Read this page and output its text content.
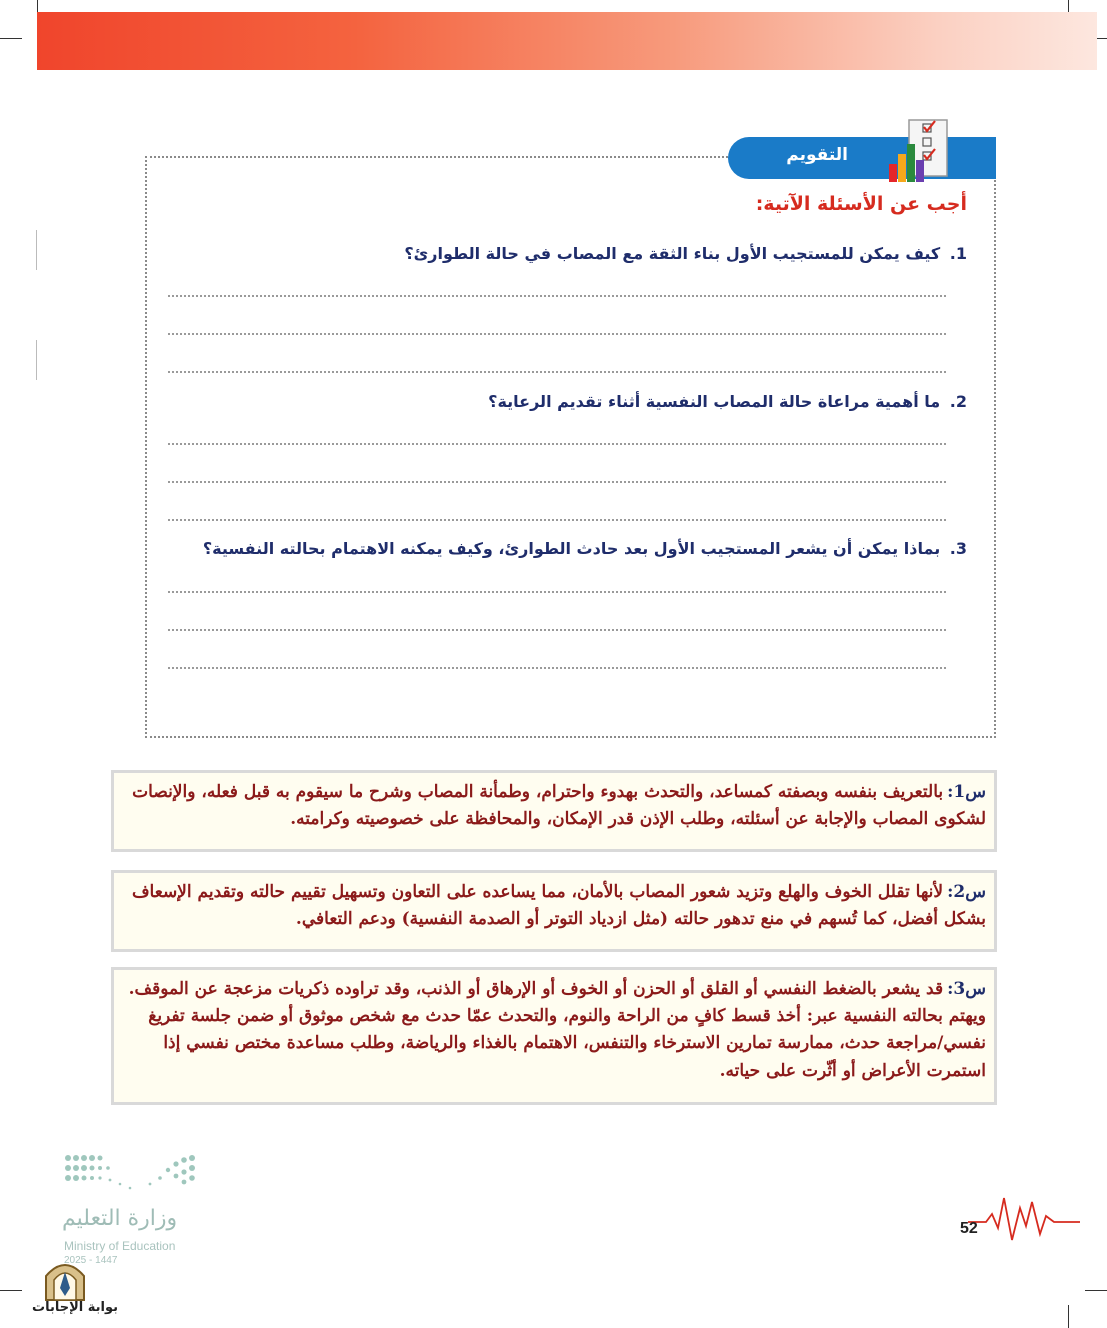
التقويم
أجب عن الأسئلة الآتية:
1. كيف يمكن للمستجيب الأول بناء الثقة مع المصاب في حالة الطوارئ؟
2. ما أهمية مراعاة حالة المصاب النفسية أثناء تقديم الرعاية؟
3. بماذا يمكن أن يشعر المستجيب الأول بعد حادث الطوارئ، وكيف يمكنه الاهتمام بحالته النفسية؟
س1:بالتعريف بنفسه وبصفته كمساعد، والتحدث بهدوء واحترام، وطمأنة المصاب وشرح ما سيقوم به قبل فعله، والإنصات لشكوى المصاب والإجابة عن أسئلته، وطلب الإذن قدر الإمكان، والمحافظة على خصوصيته وكرامته.
س2:لأنها تقلل الخوف والهلع وتزيد شعور المصاب بالأمان، مما يساعده على التعاون وتسهيل تقييم حالته وتقديم الإسعاف بشكل أفضل، كما تُسهم في منع تدهور حالته (مثل ازدياد التوتر أو الصدمة النفسية) ودعم التعافي.
س3:قد يشعر بالضغط النفسي أو القلق أو الحزن أو الخوف أو الإرهاق أو الذنب، وقد تراوده ذكريات مزعجة عن الموقف. ويهتم بحالته النفسية عبر: أخذ قسط كافٍ من الراحة والنوم، والتحدث عمّا حدث مع شخص موثوق أو ضمن جلسة تفريغ نفسي/مراجعة حدث، ممارسة تمارين الاسترخاء والتنفس، الاهتمام بالغذاء والرياضة، وطلب مساعدة مختص نفسي إذا استمرت الأعراض أو أثّرت على حياته.
وزارة التعليم
Ministry of Education
2025 - 1447
بوابة الإجابات
52
